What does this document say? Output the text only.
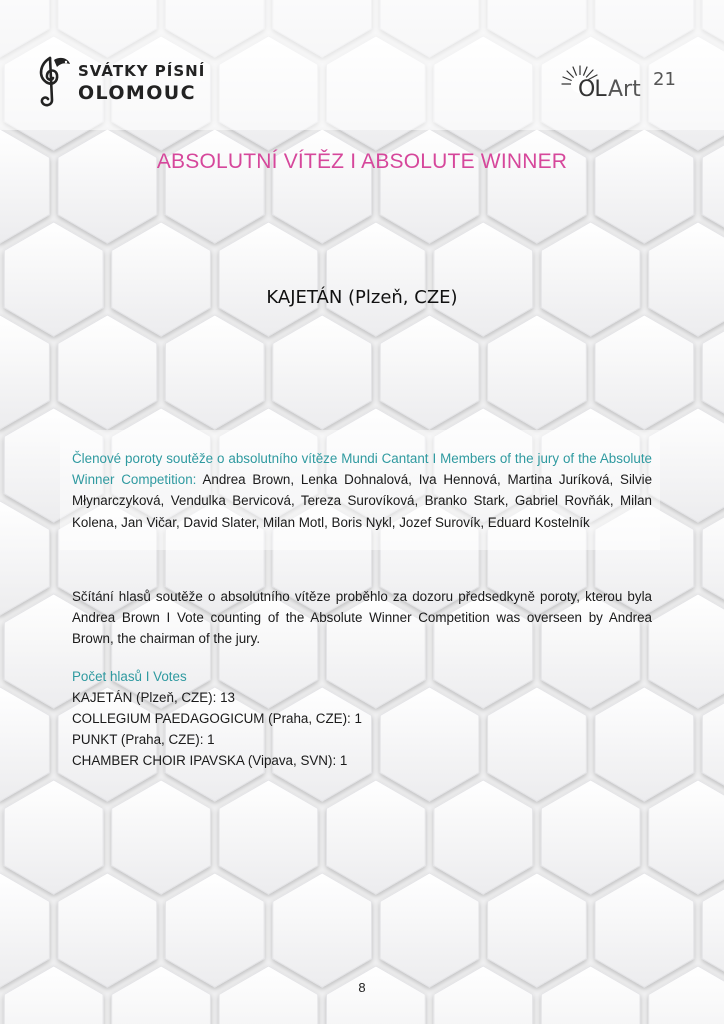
SVÁTKY PÍSNÍ
OLOMOUC	OL Art 21
ABSOLUTNÍ VÍTĚZ I ABSOLUTE WINNER
KAJETÁN (Plzeň, CZE)
Členové poroty soutěže o absolutního vítěze Mundi Cantant I Members of the jury of the Absolute Winner Competition: Andrea Brown, Lenka Dohnalová, Iva Hennová, Martina Juríková, Silvie Młynarczyková, Vendulka Bervicová, Tereza Surovíková, Branko Stark, Gabriel Rovňák, Milan Kolena, Jan Vičar, David Slater, Milan Motl, Boris Nykl, Jozef Surovík, Eduard Kostelník
Sčítání hlasů soutěže o absolutního vítěze proběhlo za dozoru předsedkyně poroty, kterou byla Andrea Brown I Vote counting of the Absolute Winner Competition was overseen by Andrea Brown, the chairman of the jury.
Počet hlasů I Votes
KAJETÁN (Plzeň, CZE): 13
COLLEGIUM PAEDAGOGICUM (Praha, CZE): 1
PUNKT (Praha, CZE): 1
CHAMBER CHOIR IPAVSKA (Vipava, SVN): 1
8
